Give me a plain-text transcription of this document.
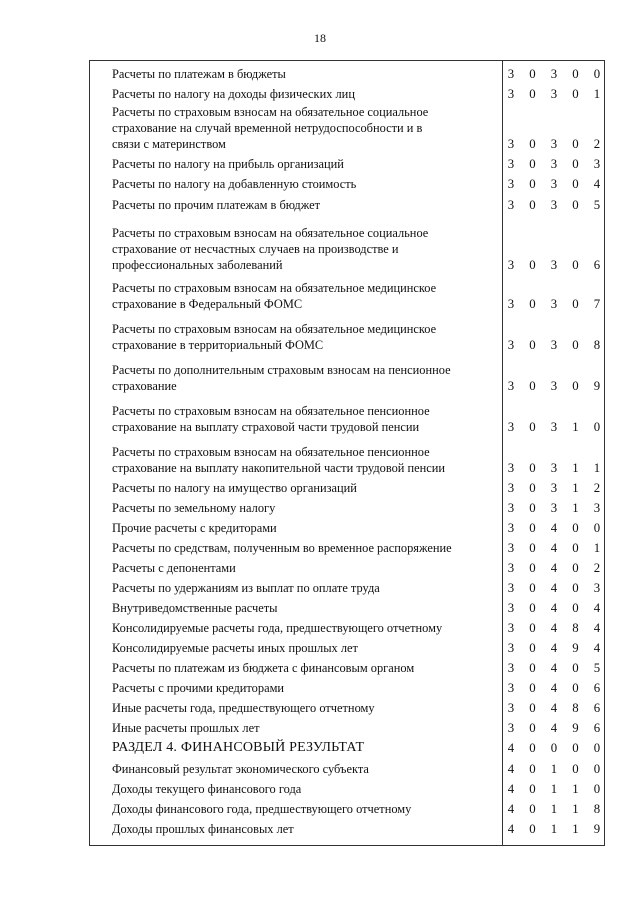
18
Расчеты по платежам в бюджеты	3 0 3 0 0
Расчеты по налогу на доходы физических лиц	3 0 3 0 1
Расчеты по страховым взносам на обязательное социальное
страхование на случай временной нетрудоспособности и в
связи с материнством	3 0 3 0 2
Расчеты по налогу на прибыль организаций	3 0 3 0 3
Расчеты по налогу на добавленную стоимость	3 0 3 0 4
Расчеты по прочим платежам в бюджет	3 0 3 0 5
Расчеты по страховым взносам на обязательное социальное
страхование от несчастных случаев на производстве и
профессиональных заболеваний	3 0 3 0 6
Расчеты по страховым взносам на обязательное медицинское
страхование в Федеральный ФОМС	3 0 3 0 7
Расчеты по страховым взносам на обязательное медицинское
страхование в территориальный ФОМС	3 0 3 0 8
Расчеты по дополнительным страховым взносам на пенсионное
страхование	3 0 3 0 9
Расчеты по страховым взносам на обязательное пенсионное
страхование на выплату страховой части трудовой пенсии	3 0 3 1 0
Расчеты по страховым взносам на обязательное пенсионное
страхование на выплату накопительной части трудовой пенсии	3 0 3 1 1
Расчеты по налогу на имущество организаций	3 0 3 1 2
Расчеты по земельному налогу	3 0 3 1 3
Прочие расчеты с кредиторами	3 0 4 0 0
Расчеты по средствам, полученным во временное распоряжение	3 0 4 0 1
Расчеты с депонентами	3 0 4 0 2
Расчеты по удержаниям из выплат по оплате труда	3 0 4 0 3
Внутриведомственные расчеты	3 0 4 0 4
Консолидируемые расчеты года, предшествующего отчетному	3 0 4 8 4
Консолидируемые расчеты иных прошлых лет	3 0 4 9 4
Расчеты по платежам из бюджета с финансовым органом	3 0 4 0 5
Расчеты с прочими кредиторами	3 0 4 0 6
Иные расчеты года, предшествующего отчетному	3 0 4 8 6
Иные расчеты прошлых лет	3 0 4 9 6
РАЗДЕЛ 4. ФИНАНСОВЫЙ РЕЗУЛЬТАТ	4 0 0 0 0
Финансовый результат экономического субъекта	4 0 1 0 0
Доходы текущего финансового года	4 0 1 1 0
Доходы финансового года, предшествующего отчетному	4 0 1 1 8
Доходы прошлых финансовых лет	4 0 1 1 9
